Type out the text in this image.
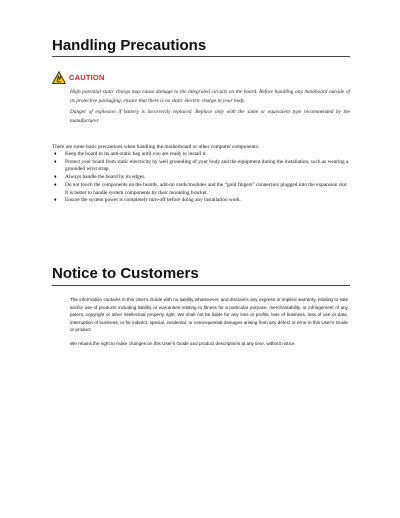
Handling Precautions
CAUTION

High potential static charge may cause damage to the integrated circuits on the board. Before handling any mainboard outside of its protective packaging, ensure that there is no static electric charge in your body.

Danger of explosion if battery is incorrectly replaced. Replace only with the same or equivalent type recommended by the manufacturer.

There are some basic precautions when handling the motherboard or other computer components:

♦ Keep the board in its anti-static bag until you are ready to install it.
♦ Protect your board from static electricity by well grounding of your body and the equipment during the installation, such as wearing a grounded wrist strap.
♦ Always handle the board by its edges.
♦ Do not touch the components on the boards, add-on cards/modules and the “gold fingers” connectors plugged into the expansion slot. It is better to handle system components by their mounting bracket.
♦ Ensure the system power is completely turn-off before doing any installation work.
Notice to Customers

The information contains in this User’s Guide with no liability whatsoever, and disclaims any express or implied warranty, relating to sale and/or use of products including liability or warranties relating to fitness for a particular purpose, merchantability, or infringement of any patent, copyright or other intellectual property right. We shall not be liable for any loss or profits, loss of business, loss of use or data, interruption of business, or for indirect, special, incidental, or consequential damages arising from any defect or error in this User’s Guide or product.

We retains the right to make changes on this User’s Guide and product descriptions at any time, without notice.
